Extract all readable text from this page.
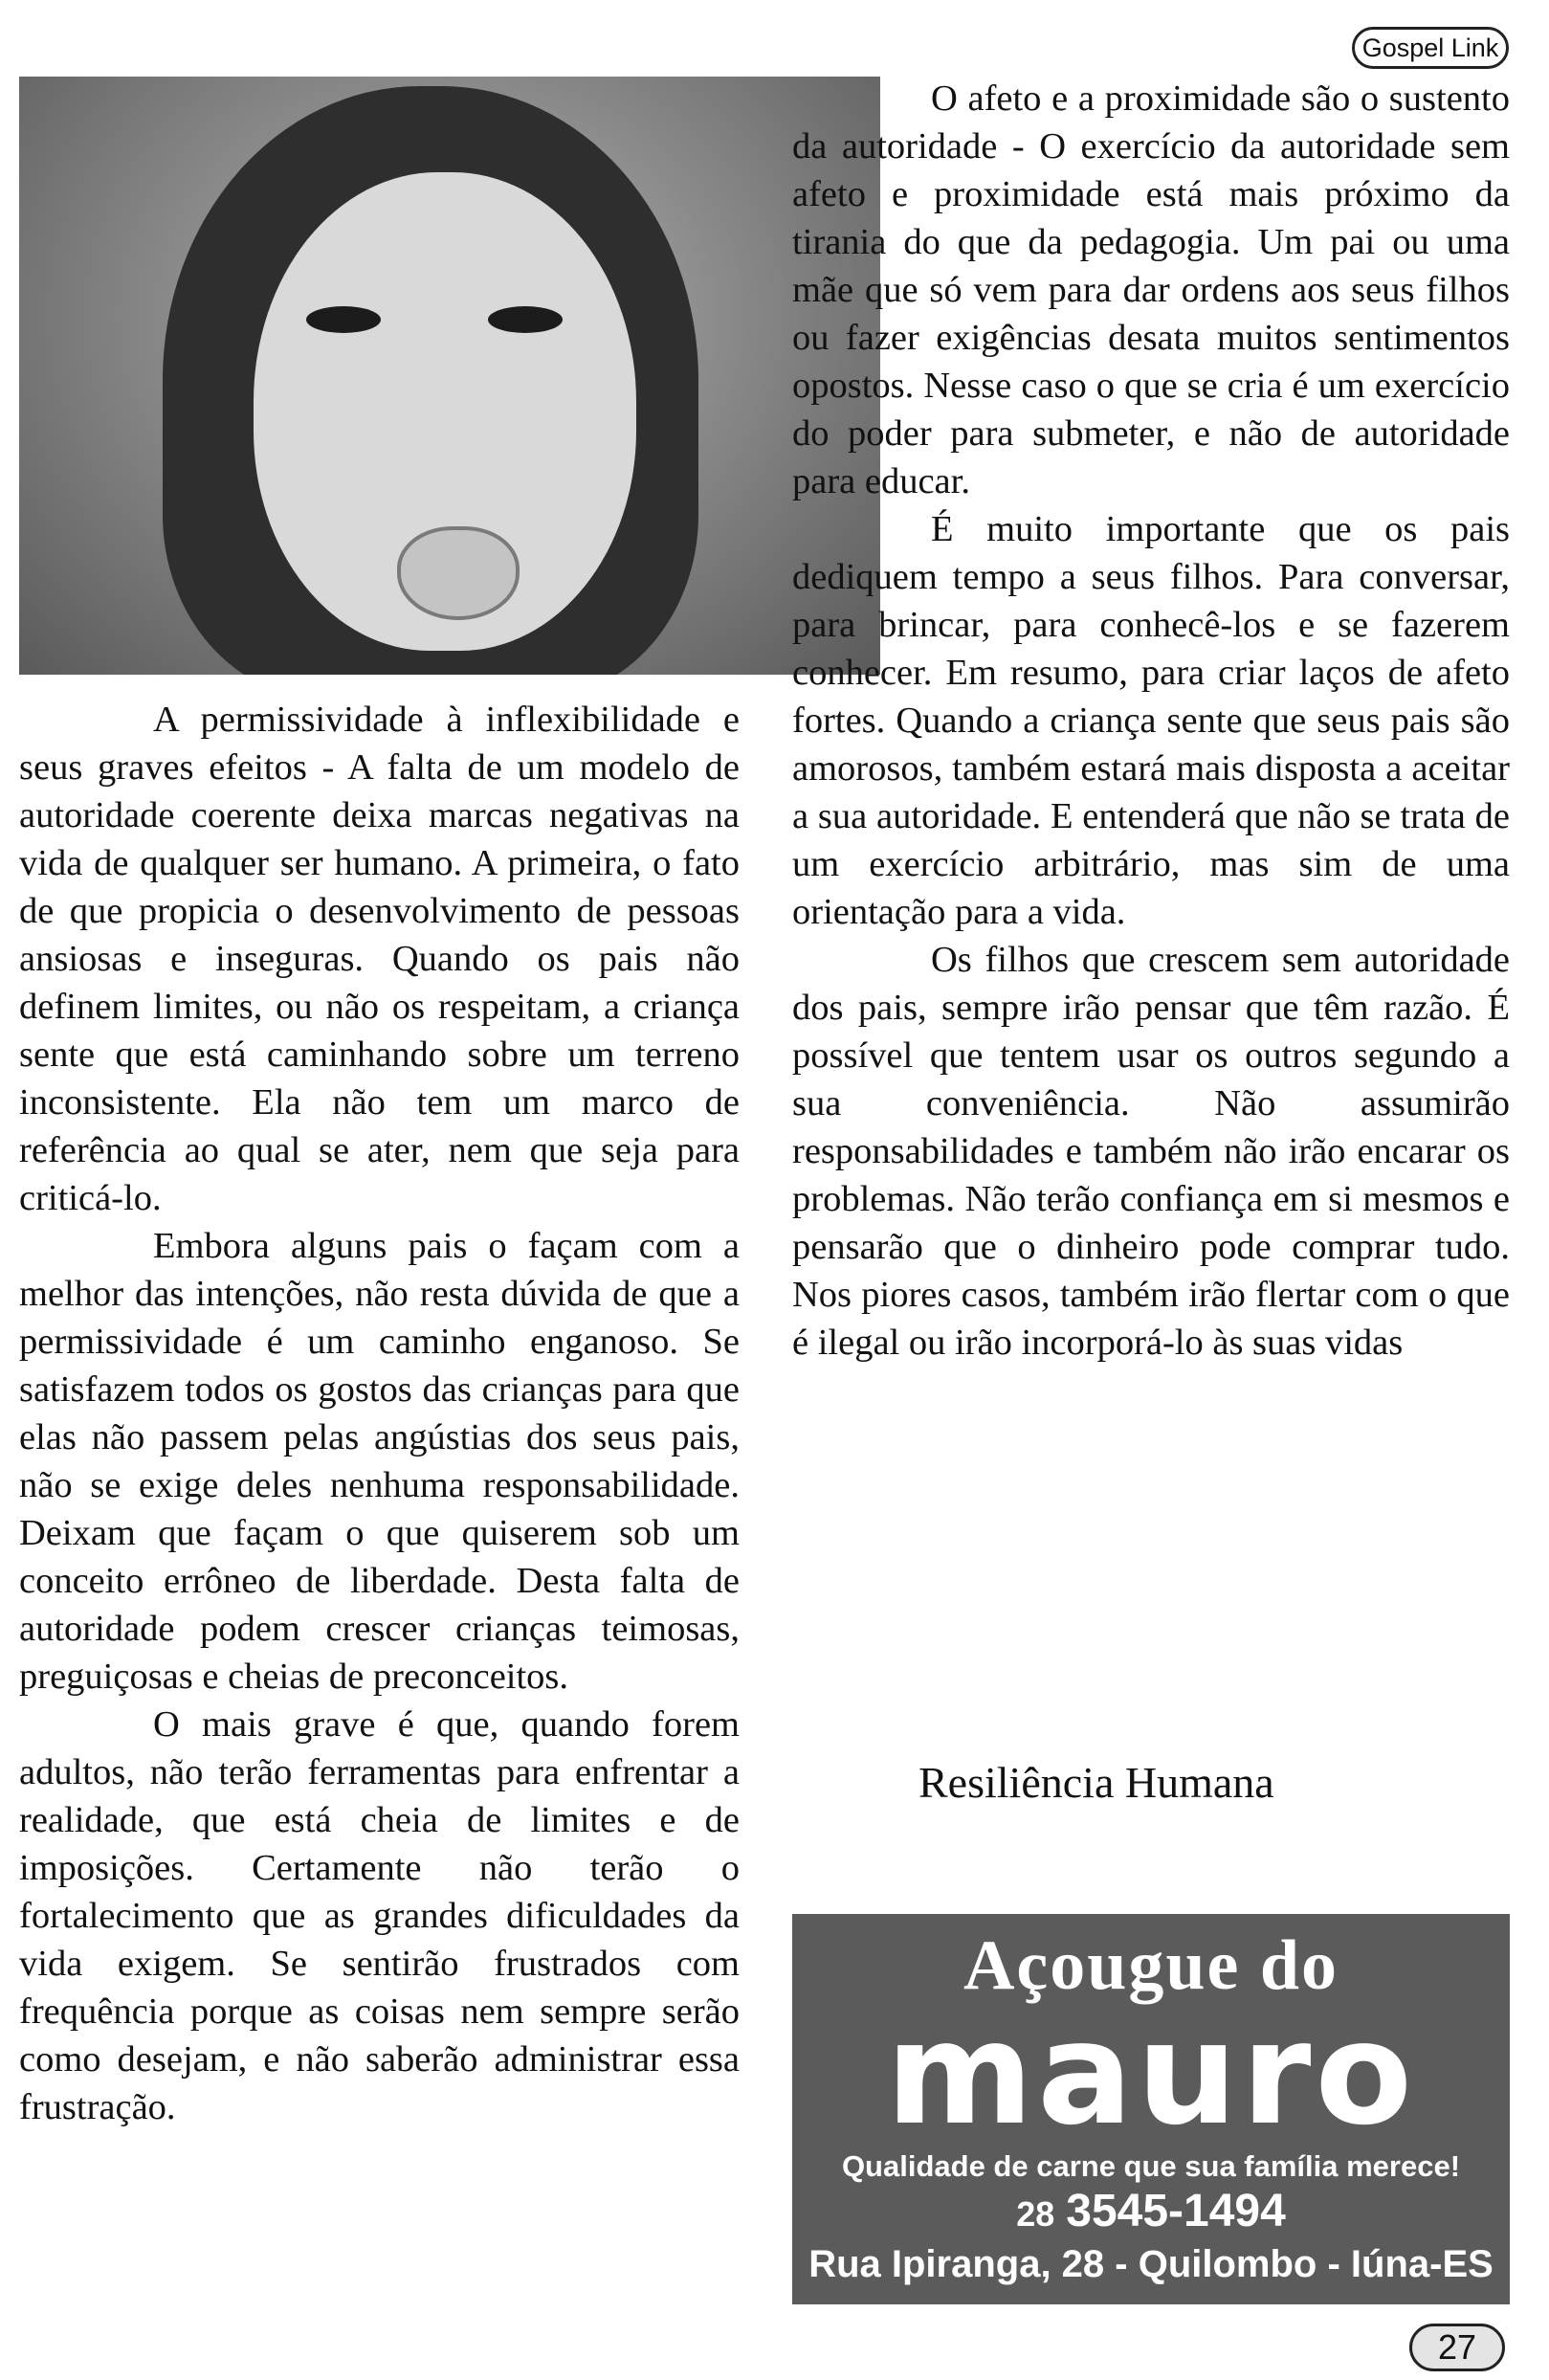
Gospel Link

A permissividade à inflexibilidade e seus graves efeitos - A falta de um modelo de autoridade coerente deixa marcas negativas na vida de qualquer ser humano. A primeira, o fato de que propicia o desenvolvimento de pessoas ansiosas e inseguras. Quando os pais não definem limites, ou não os respeitam, a criança sente que está caminhando sobre um terreno inconsistente. Ela não tem um marco de referência ao qual se ater, nem que seja para criticá-lo.

Embora alguns pais o façam com a melhor das intenções, não resta dúvida de que a permissividade é um caminho enganoso. Se satisfazem todos os gostos das crianças para que elas não passem pelas angústias dos seus pais, não se exige deles nenhuma responsabilidade. Deixam que façam o que quiserem sob um conceito errôneo de liberdade. Desta falta de autoridade podem crescer crianças teimosas, preguiçosas e cheias de preconceitos.

O mais grave é que, quando forem adultos, não terão ferramentas para enfrentar a realidade, que está cheia de limites e de imposições. Certamente não terão o fortalecimento que as grandes dificuldades da vida exigem. Se sentirão frustrados com frequência porque as coisas nem sempre serão como desejam, e não saberão administrar essa frustração.

O afeto e a proximidade são o sustento da autoridade - O exercício da autoridade sem afeto e proximidade está mais próximo da tirania do que da pedagogia. Um pai ou uma mãe que só vem para dar ordens aos seus filhos ou fazer exigências desata muitos sentimentos opostos. Nesse caso o que se cria é um exercício do poder para submeter, e não de autoridade para educar.

É muito importante que os pais dediquem tempo a seus filhos. Para conversar, para brincar, para conhecê-los e se fazerem conhecer. Em resumo, para criar laços de afeto fortes. Quando a criança sente que seus pais são amorosos, também estará mais disposta a aceitar a sua autoridade. E entenderá que não se trata de um exercício arbitrário, mas sim de uma orientação para a vida.

Os filhos que crescem sem autoridade dos pais, sempre irão pensar que têm razão. É possível que tentem usar os outros segundo a sua conveniência. Não assumirão responsabilidades e também não irão encarar os problemas. Não terão confiança em si mesmos e pensarão que o dinheiro pode comprar tudo. Nos piores casos, também irão flertar com o que é ilegal ou irão incorporá-lo às suas vidas

Resiliência Humana
Açougue do
mauro
Qualidade de carne que sua família merece!
28 3545-1494
Rua Ipiranga, 28 - Quilombo - Iúna-ES
27
